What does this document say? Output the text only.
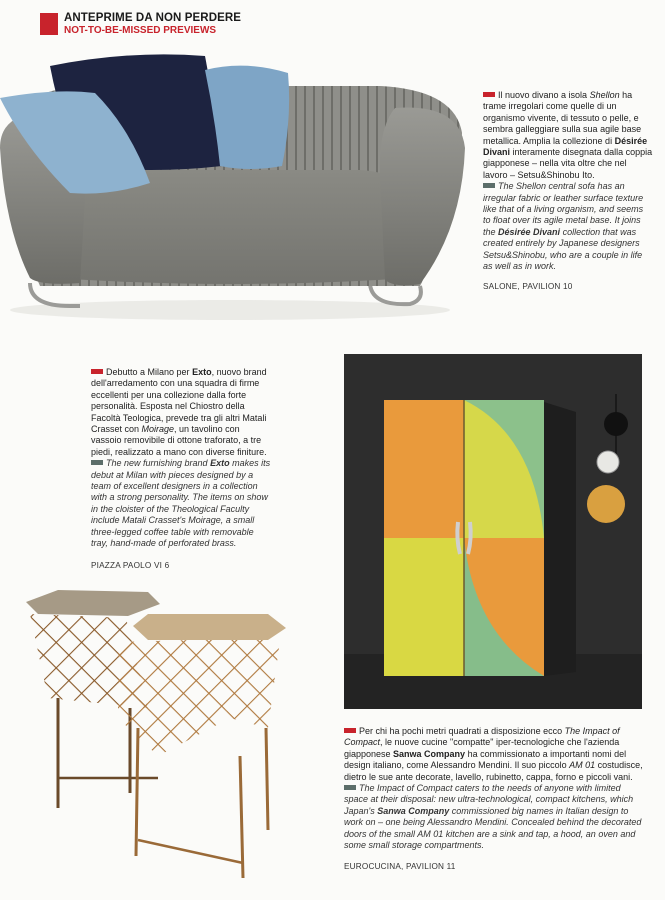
ANTEPRIME DA NON PERDERE
NOT-TO-BE-MISSED PREVIEWS

Il nuovo divano a isola Shellon ha trame irregolari come quelle di un organismo vivente, di tessuto o pelle, e sembra galleggiare sulla sua agile base metallica. Amplia la collezione di Désirée Divani interamente disegnata dalla coppia giapponese – nella vita oltre che nel lavoro – Setsu&Shinobu Ito.

The Shellon central sofa has an irregular fabric or leather surface texture like that of a living organism, and seems to float over its agile metal base. It joins the Désirée Divani collection that was created entirely by Japanese designers Setsu&Shinobu, who are a couple in life as well as in work.

SALONE, PAVILION 10

Debutto a Milano per Exto, nuovo brand dell'arredamento con una squadra di firme eccellenti per una collezione dalla forte personalità. Esposta nel Chiostro della Facoltà Teologica, prevede tra gli altri Matali Crasset con Moirage, un tavolino con vassoio removibile di ottone traforato, a tre piedi, realizzato a mano con diverse finiture.

The new furnishing brand Exto makes its debut at Milan with pieces designed by a team of excellent designers in a collection with a strong personality. The items on show in the cloister of the Theological Faculty include Matali Crasset's Moirage, a small three-legged coffee table with removable tray, hand-made of perforated brass.

PIAZZA PAOLO VI 6

Per chi ha pochi metri quadrati a disposizione ecco The Impact of Compact, le nuove cucine "compatte" iper-tecnologiche che l'azienda giapponese Sanwa Company ha commissionato a importanti nomi del design italiano, come Alessandro Mendini. Il suo piccolo AM 01 costudisce, dietro le sue ante decorate, lavello, rubinetto, cappa, forno e piccoli vani.

The Impact of Compact caters to the needs of anyone with limited space at their disposal: new ultra-technological, compact kitchens, which Japan's Sanwa Company commissioned big names in Italian design to work on – one being Alessandro Mendini. Concealed behind the decorated doors of the small AM 01 kitchen are a sink and tap, a hood, an oven and some small storage compartments.

EUROCUCINA, PAVILION 11
